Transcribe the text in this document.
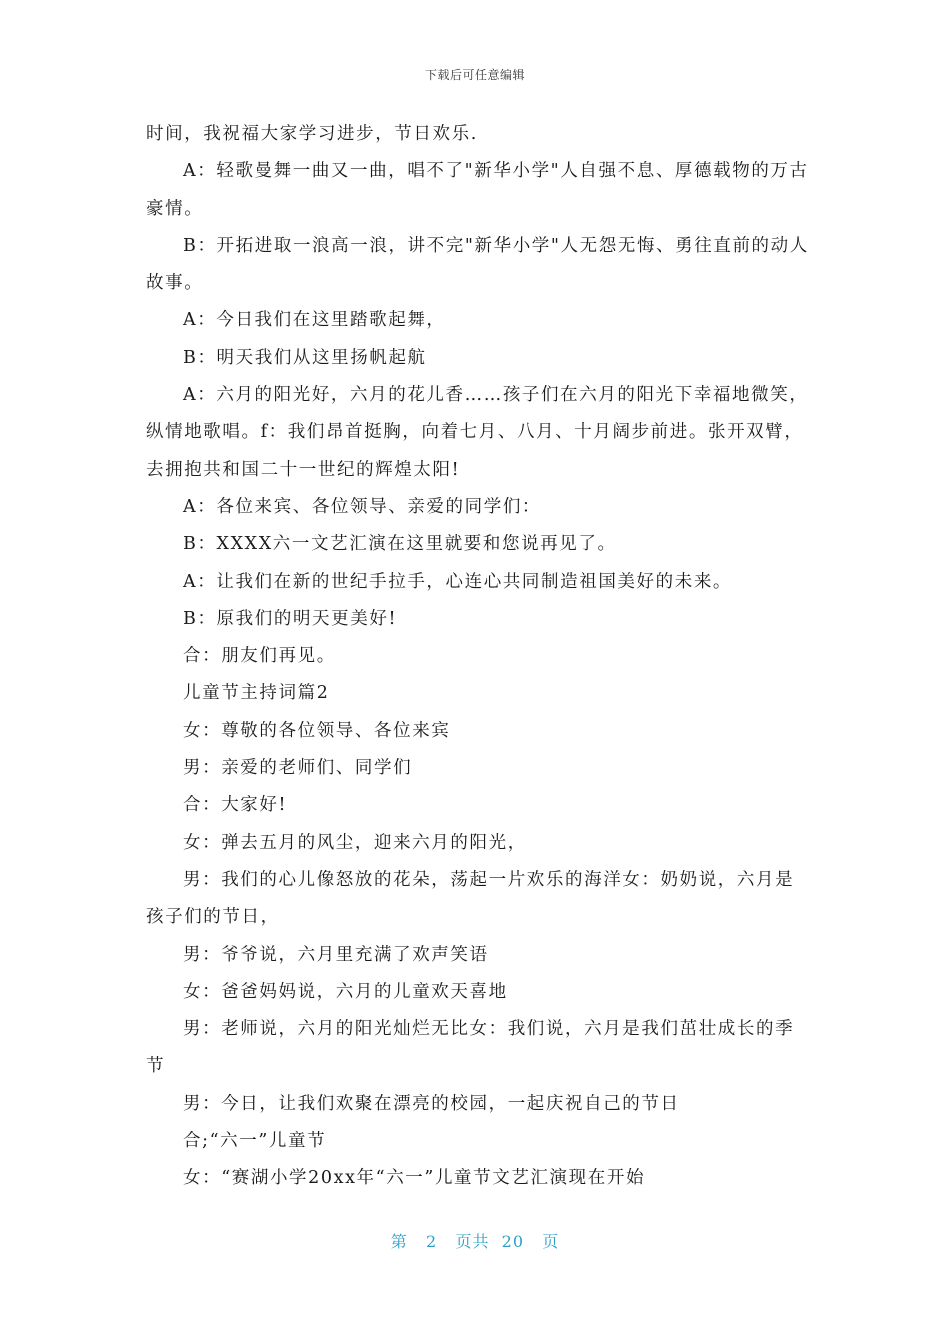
下载后可任意编辑

时间，我祝福大家学习进步，节日欢乐.

A：轻歌曼舞一曲又一曲，唱不了"新华小学"人自强不息、厚德载物的万古豪情。

B：开拓进取一浪高一浪，讲不完"新华小学"人无怨无悔、勇往直前的动人故事。

A：今日我们在这里踏歌起舞，

B：明天我们从这里扬帆起航

A：六月的阳光好，六月的花儿香……孩子们在六月的阳光下幸福地微笑，纵情地歌唱。f：我们昂首挺胸，向着七月、八月、十月阔步前进。张开双臂，去拥抱共和国二十一世纪的辉煌太阳!

A：各位来宾、各位领导、亲爱的同学们：

B：XXXX六一文艺汇演在这里就要和您说再见了。

A：让我们在新的世纪手拉手，心连心共同制造祖国美好的未来。

B：原我们的明天更美好!

合：朋友们再见。

儿童节主持词篇2

女：尊敬的各位领导、各位来宾

男：亲爱的老师们、同学们

合：大家好!

女：弹去五月的风尘，迎来六月的阳光，

男：我们的心儿像怒放的花朵，荡起一片欢乐的海洋女：奶奶说，六月是孩子们的节日，

男：爷爷说，六月里充满了欢声笑语

女：爸爸妈妈说，六月的儿童欢天喜地

男：老师说，六月的阳光灿烂无比女：我们说，六月是我们茁壮成长的季节

男：今日，让我们欢聚在漂亮的校园，一起庆祝自己的节日

合;“六一”儿童节

女：“赛湖小学20xx年“六一”儿童节文艺汇演现在开始

第 2 页共 20 页
